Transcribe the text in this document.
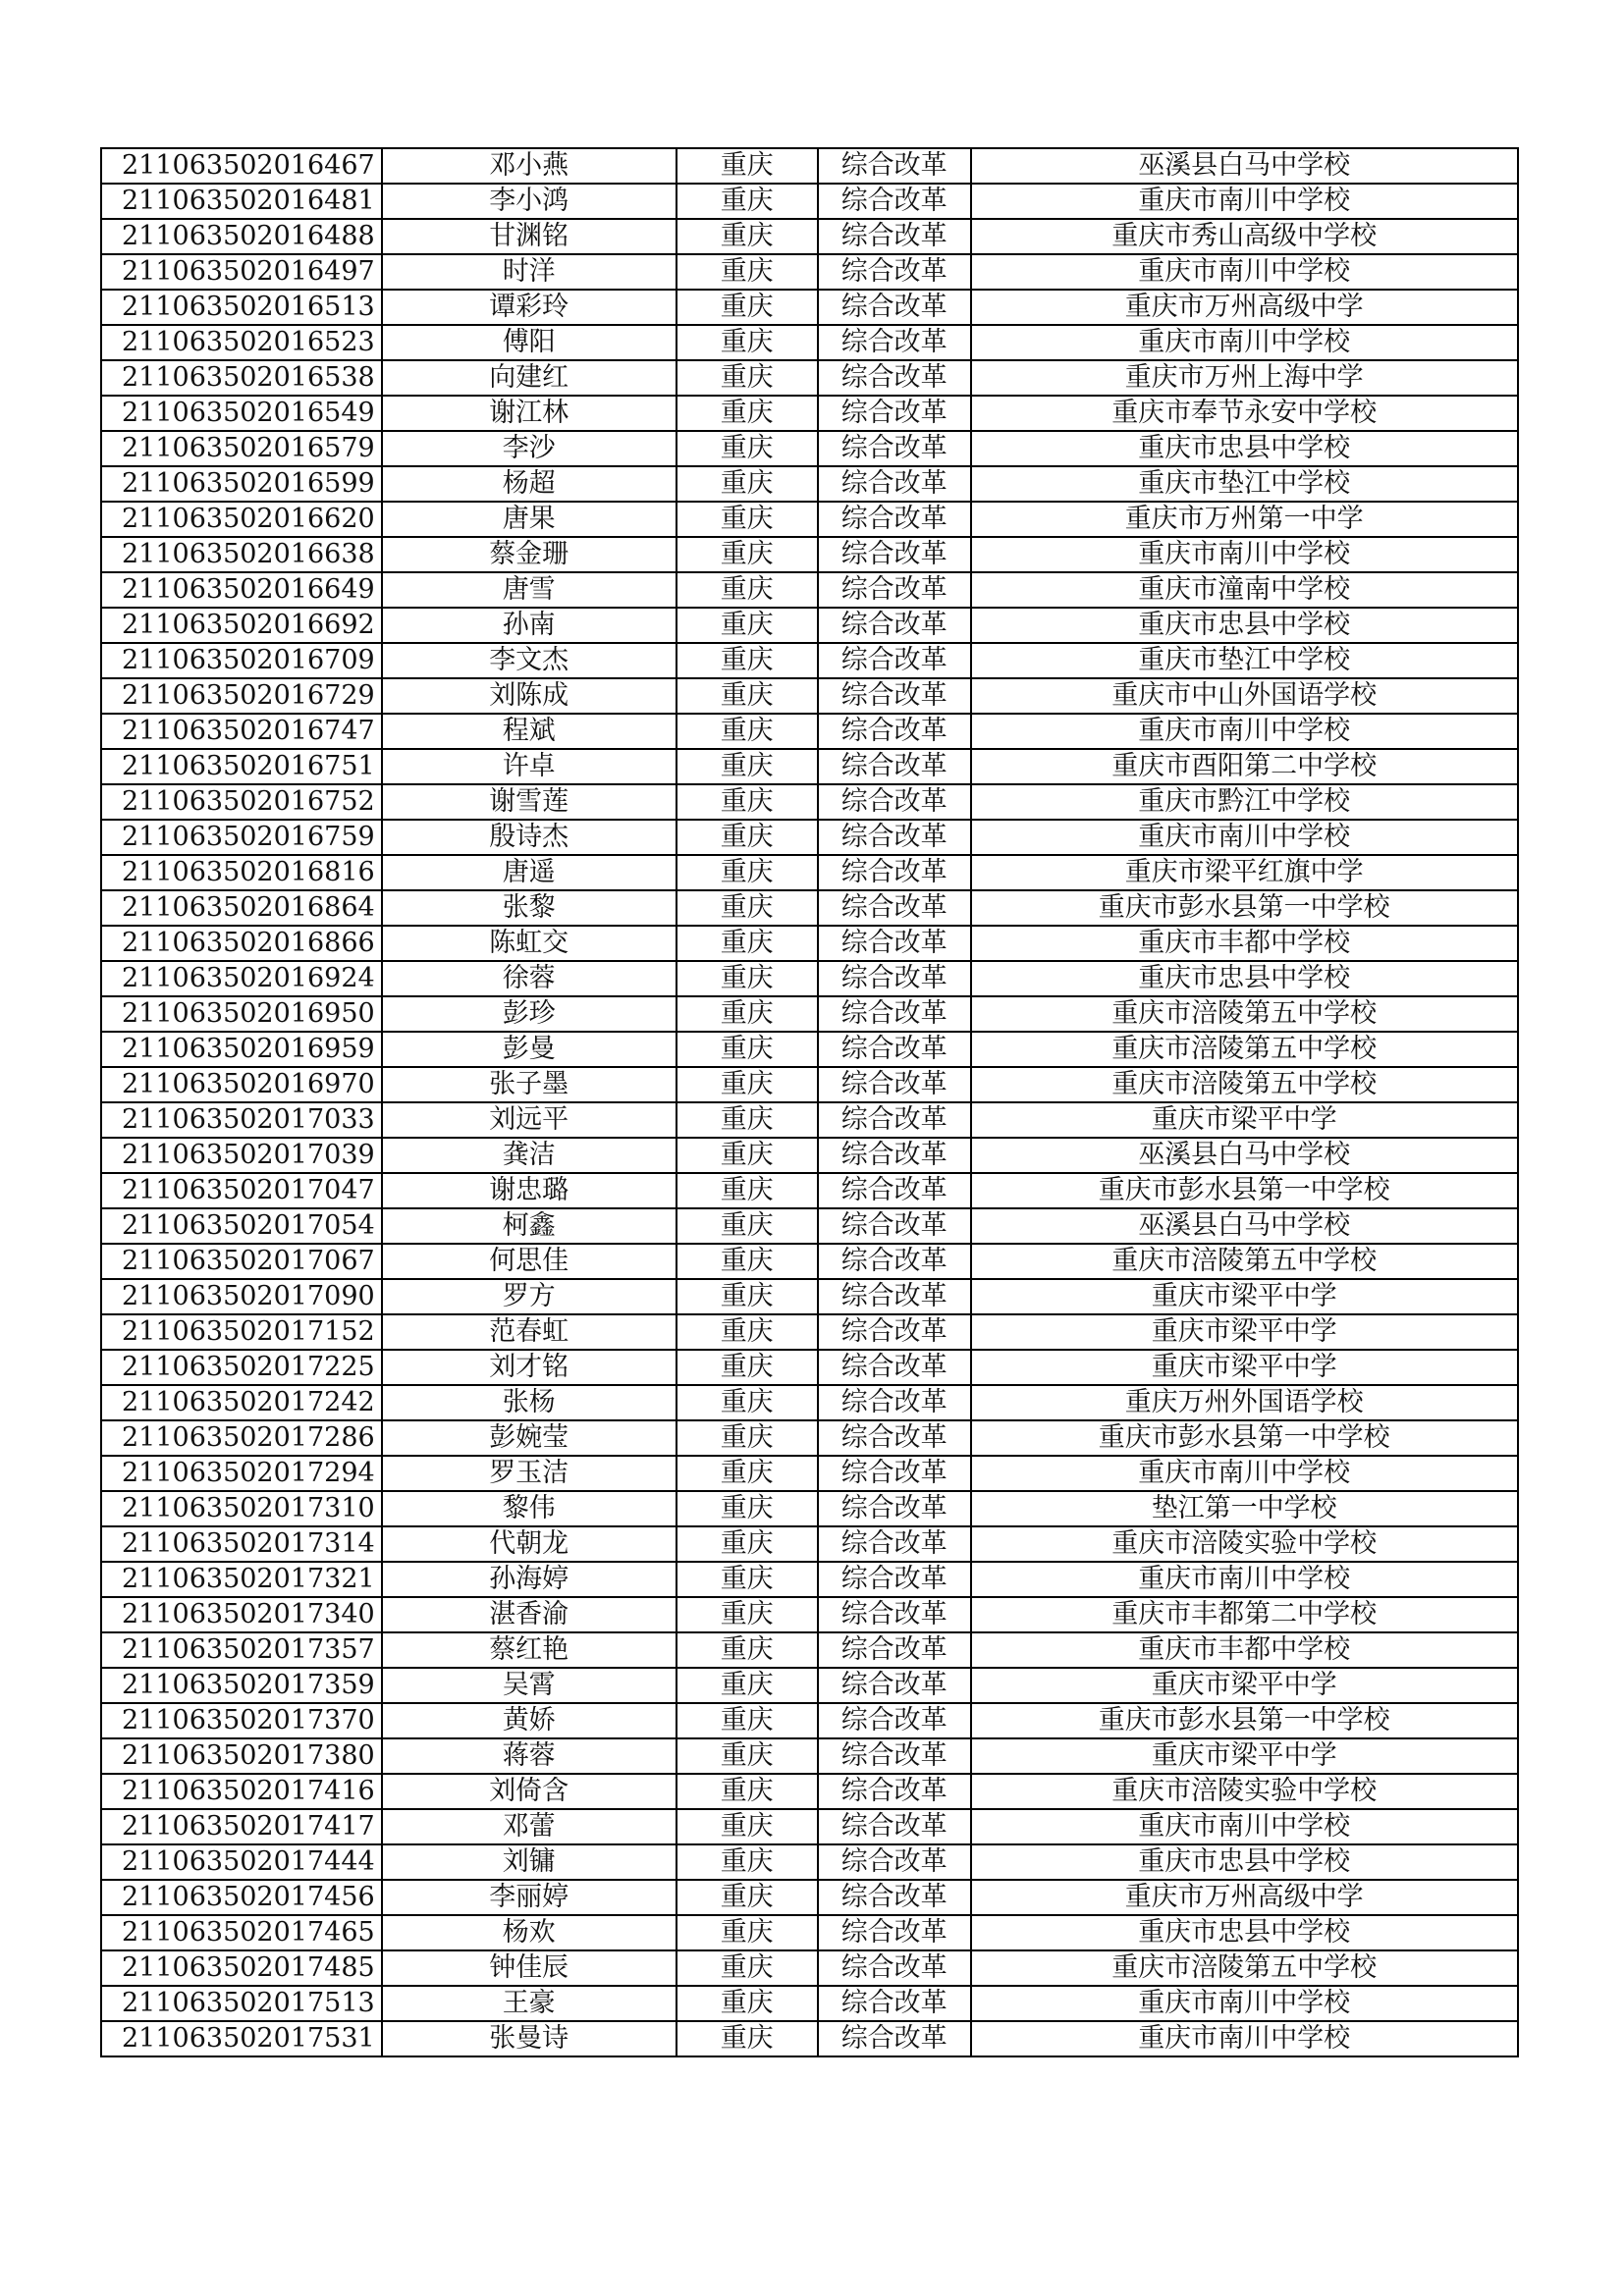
211063502016467	邓小燕	重庆	综合改革	巫溪县白马中学校
211063502016481	李小鸿	重庆	综合改革	重庆市南川中学校
211063502016488	甘渊铭	重庆	综合改革	重庆市秀山高级中学校
211063502016497	时洋	重庆	综合改革	重庆市南川中学校
211063502016513	谭彩玲	重庆	综合改革	重庆市万州高级中学
211063502016523	傅阳	重庆	综合改革	重庆市南川中学校
211063502016538	向建红	重庆	综合改革	重庆市万州上海中学
211063502016549	谢江林	重庆	综合改革	重庆市奉节永安中学校
211063502016579	李沙	重庆	综合改革	重庆市忠县中学校
211063502016599	杨超	重庆	综合改革	重庆市垫江中学校
211063502016620	唐果	重庆	综合改革	重庆市万州第一中学
211063502016638	蔡金珊	重庆	综合改革	重庆市南川中学校
211063502016649	唐雪	重庆	综合改革	重庆市潼南中学校
211063502016692	孙南	重庆	综合改革	重庆市忠县中学校
211063502016709	李文杰	重庆	综合改革	重庆市垫江中学校
211063502016729	刘陈成	重庆	综合改革	重庆市中山外国语学校
211063502016747	程斌	重庆	综合改革	重庆市南川中学校
211063502016751	许卓	重庆	综合改革	重庆市酉阳第二中学校
211063502016752	谢雪莲	重庆	综合改革	重庆市黔江中学校
211063502016759	殷诗杰	重庆	综合改革	重庆市南川中学校
211063502016816	唐遥	重庆	综合改革	重庆市梁平红旗中学
211063502016864	张黎	重庆	综合改革	重庆市彭水县第一中学校
211063502016866	陈虹交	重庆	综合改革	重庆市丰都中学校
211063502016924	徐蓉	重庆	综合改革	重庆市忠县中学校
211063502016950	彭珍	重庆	综合改革	重庆市涪陵第五中学校
211063502016959	彭曼	重庆	综合改革	重庆市涪陵第五中学校
211063502016970	张子墨	重庆	综合改革	重庆市涪陵第五中学校
211063502017033	刘远平	重庆	综合改革	重庆市梁平中学
211063502017039	龚洁	重庆	综合改革	巫溪县白马中学校
211063502017047	谢忠璐	重庆	综合改革	重庆市彭水县第一中学校
211063502017054	柯鑫	重庆	综合改革	巫溪县白马中学校
211063502017067	何思佳	重庆	综合改革	重庆市涪陵第五中学校
211063502017090	罗方	重庆	综合改革	重庆市梁平中学
211063502017152	范春虹	重庆	综合改革	重庆市梁平中学
211063502017225	刘才铭	重庆	综合改革	重庆市梁平中学
211063502017242	张杨	重庆	综合改革	重庆万州外国语学校
211063502017286	彭婉莹	重庆	综合改革	重庆市彭水县第一中学校
211063502017294	罗玉洁	重庆	综合改革	重庆市南川中学校
211063502017310	黎伟	重庆	综合改革	垫江第一中学校
211063502017314	代朝龙	重庆	综合改革	重庆市涪陵实验中学校
211063502017321	孙海婷	重庆	综合改革	重庆市南川中学校
211063502017340	湛香渝	重庆	综合改革	重庆市丰都第二中学校
211063502017357	蔡红艳	重庆	综合改革	重庆市丰都中学校
211063502017359	吴霄	重庆	综合改革	重庆市梁平中学
211063502017370	黄娇	重庆	综合改革	重庆市彭水县第一中学校
211063502017380	蒋蓉	重庆	综合改革	重庆市梁平中学
211063502017416	刘倚含	重庆	综合改革	重庆市涪陵实验中学校
211063502017417	邓蕾	重庆	综合改革	重庆市南川中学校
211063502017444	刘镛	重庆	综合改革	重庆市忠县中学校
211063502017456	李丽婷	重庆	综合改革	重庆市万州高级中学
211063502017465	杨欢	重庆	综合改革	重庆市忠县中学校
211063502017485	钟佳辰	重庆	综合改革	重庆市涪陵第五中学校
211063502017513	王豪	重庆	综合改革	重庆市南川中学校
211063502017531	张曼诗	重庆	综合改革	重庆市南川中学校
